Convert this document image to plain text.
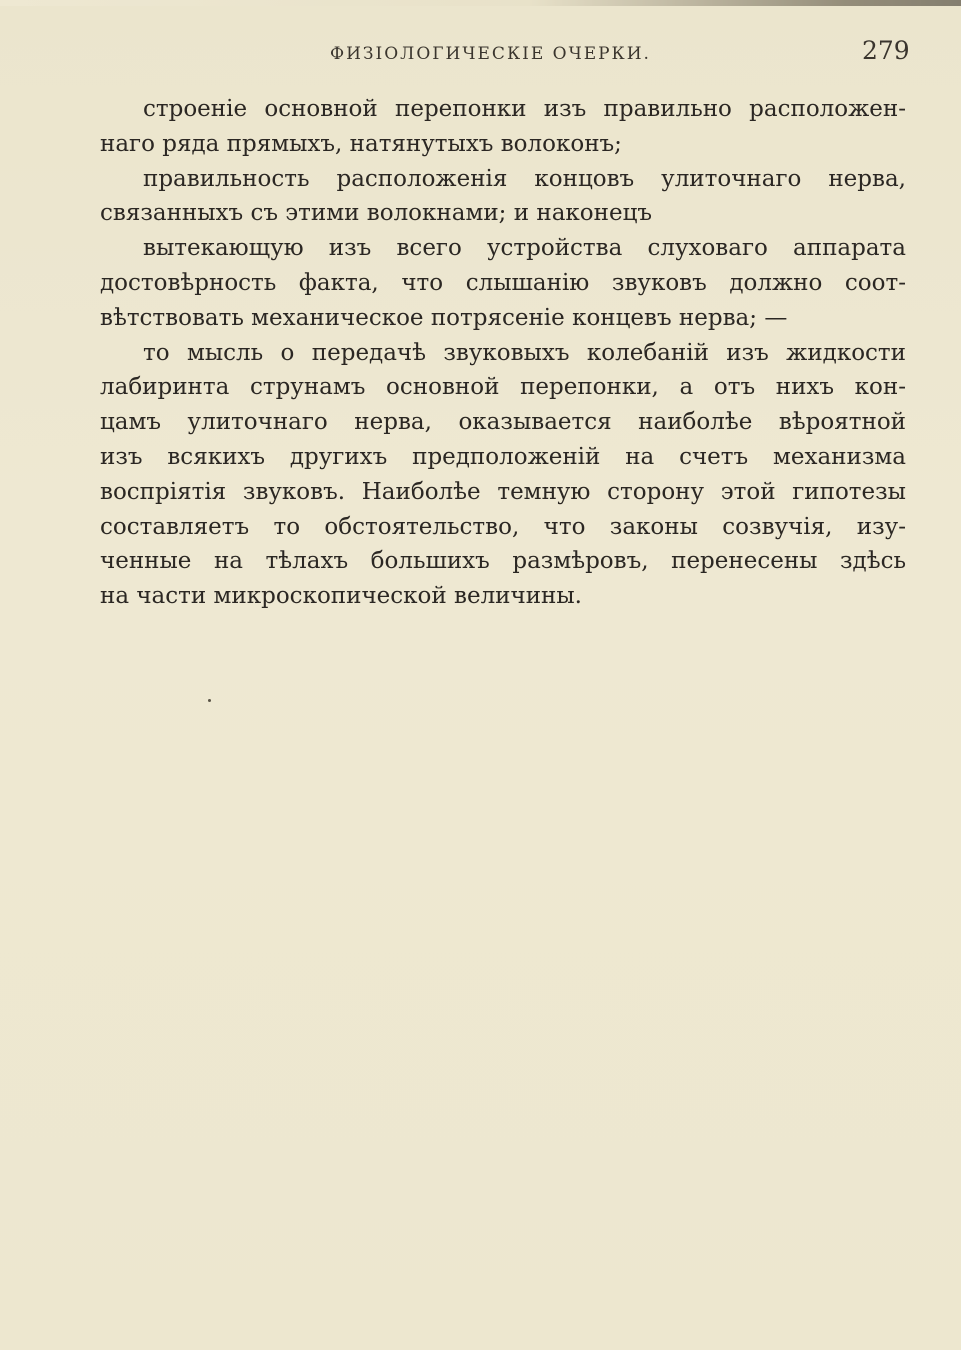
ФИЗІОЛОГИЧЕСКІЕ ОЧЕРКИ.	279
строеніе основной перепонки изъ правильно расположен-
наго ряда прямыхъ, натянутыхъ волоконъ;
правильность расположенія концовъ улиточнаго нерва,
связанныхъ съ этими волокнами; и наконецъ
вытекающую изъ всего устройства слуховаго аппарата
достовѣрность факта, что слышанію звуковъ должно соот-
вѣтствовать механическое потрясеніе концевъ нерва; —
то мысль о передачѣ звуковыхъ колебаній изъ жидкости
лабиринта струнамъ основной перепонки, а отъ нихъ кон-
цамъ улиточнаго нерва, оказывается наиболѣе вѣроятной
изъ всякихъ другихъ предположеній на счетъ механизма
воспріятія звуковъ. Наиболѣе темную сторону этой гипотезы
составляетъ то обстоятельство, что законы созвучія, изу-
ченные на тѣлахъ большихъ размѣровъ, перенесены здѣсь
на части микроскопической величины.
